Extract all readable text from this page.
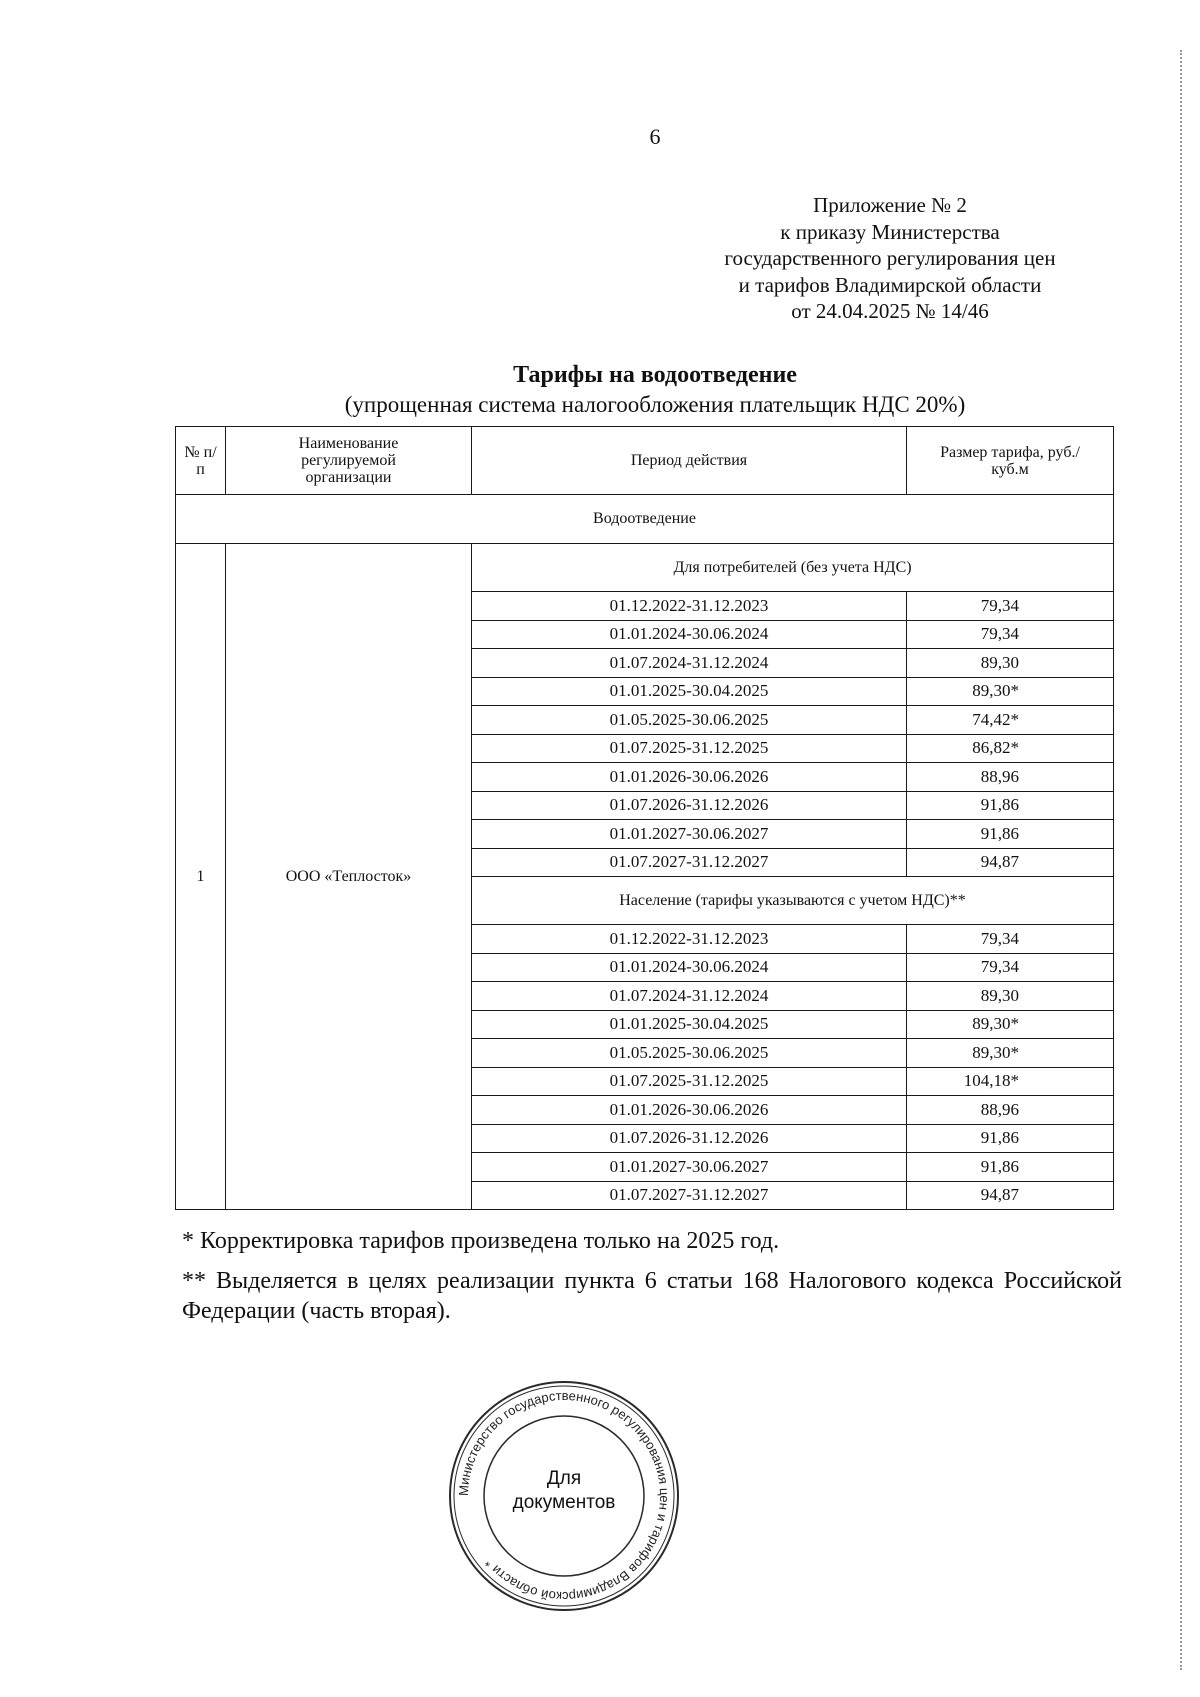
6
Приложение № 2
к приказу Министерства
государственного регулирования цен
и тарифов Владимирской области
от 24.04.2025 № 14/46
Тарифы на водоотведение
(упрощенная система налогообложения плательщик НДС 20%)
№ п/п	Наименование регулируемой организации	Период действия	Размер тарифа, руб./куб.м
Водоотведение			
1	ООО «Теплосток»	Для потребителей (без учета НДС)	
		01.12.2022-31.12.2023	79,34
		01.01.2024-30.06.2024	79,34
		01.07.2024-31.12.2024	89,30
		01.01.2025-30.04.2025	89,30*
		01.05.2025-30.06.2025	74,42*
		01.07.2025-31.12.2025	86,82*
		01.01.2026-30.06.2026	88,96
		01.07.2026-31.12.2026	91,86
		01.01.2027-30.06.2027	91,86
		01.07.2027-31.12.2027	94,87
		Население (тарифы указываются с учетом НДС)**	
		01.12.2022-31.12.2023	79,34
		01.01.2024-30.06.2024	79,34
		01.07.2024-31.12.2024	89,30
		01.01.2025-30.04.2025	89,30*
		01.05.2025-30.06.2025	89,30*
		01.07.2025-31.12.2025	104,18*
		01.01.2026-30.06.2026	88,96
		01.07.2026-31.12.2026	91,86
		01.01.2027-30.06.2027	91,86
		01.07.2027-31.12.2027	94,87
* Корректировка тарифов произведена только на 2025 год.
** Выделяется в целях реализации пункта 6 статьи 168 Налогового кодекса Российской Федерации (часть вторая).
Министерство государственного регулирования цен и тарифов Владимирской области *
Для
документов
